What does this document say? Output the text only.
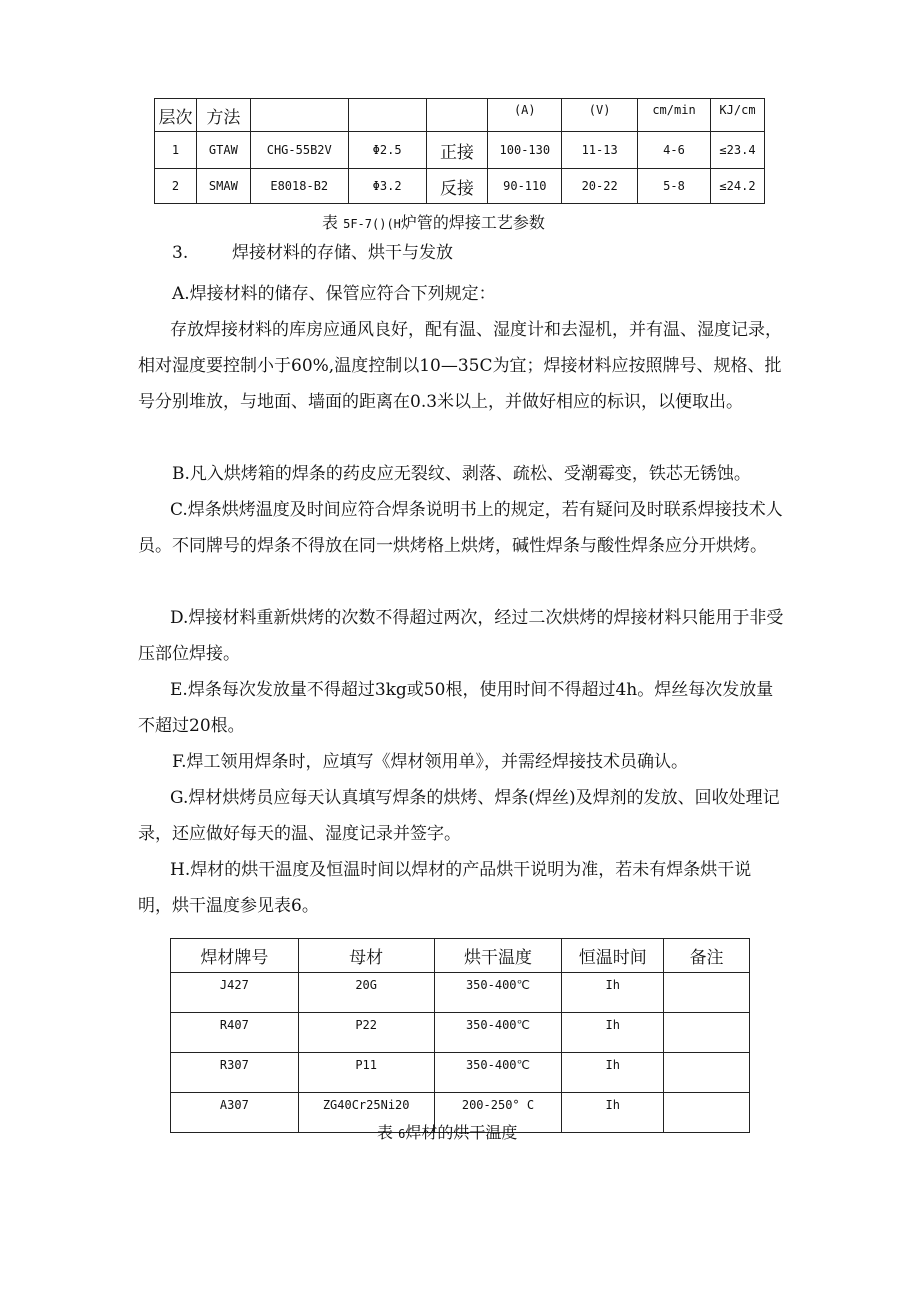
层次	方法				(A)	(V)	cm/min	KJ/cm

1	GTAW	CHG-55B2V	Φ2.5	正接	100-130	11-13	4-6	≤23.4
2	SMAW	E8018-B2	Φ3.2	反接	90-110	20-22	5-8	≤24.2
表 5F-7()(H炉管的焊接工艺参数
3.	焊接材料的存储、烘干与发放

A.焊接材料的储存、保管应符合下列规定：

存放焊接材料的库房应通风良好，配有温、湿度计和去湿机，并有温、湿度记录，相对湿度要控制小于60%,温度控制以10—35C为宜；焊接材料应按照牌号、规格、批号分别堆放，与地面、墙面的距离在0.3米以上，并做好相应的标识，以便取出。

B.凡入烘烤箱的焊条的药皮应无裂纹、剥落、疏松、受潮霉变，铁芯无锈蚀。

C.焊条烘烤温度及时间应符合焊条说明书上的规定，若有疑问及时联系焊接技术人员。不同牌号的焊条不得放在同一烘烤格上烘烤，碱性焊条与酸性焊条应分开烘烤。

D.焊接材料重新烘烤的次数不得超过两次，经过二次烘烤的焊接材料只能用于非受压部位焊接。

E.焊条每次发放量不得超过3kg或50根，使用时间不得超过4h。焊丝每次发放量不超过20根。

F.焊工领用焊条时，应填写《焊材领用单》，并需经焊接技术员确认。

G.焊材烘烤员应每天认真填写焊条的烘烤、焊条(焊丝)及焊剂的发放、回收处理记录，还应做好每天的温、湿度记录并签字。

H.焊材的烘干温度及恒温时间以焊材的产品烘干说明为准，若未有焊条烘干说明，烘干温度参见表6。

焊材牌号	母材	烘干温度	恒温时间	备注
J427	20G	350-400℃	Ih	
R407	P22	350-400℃	Ih	
R307	P11	350-400℃	Ih	
A307	ZG40Cr25Ni20	200-250° C	Ih	
表 6焊材的烘干温度
